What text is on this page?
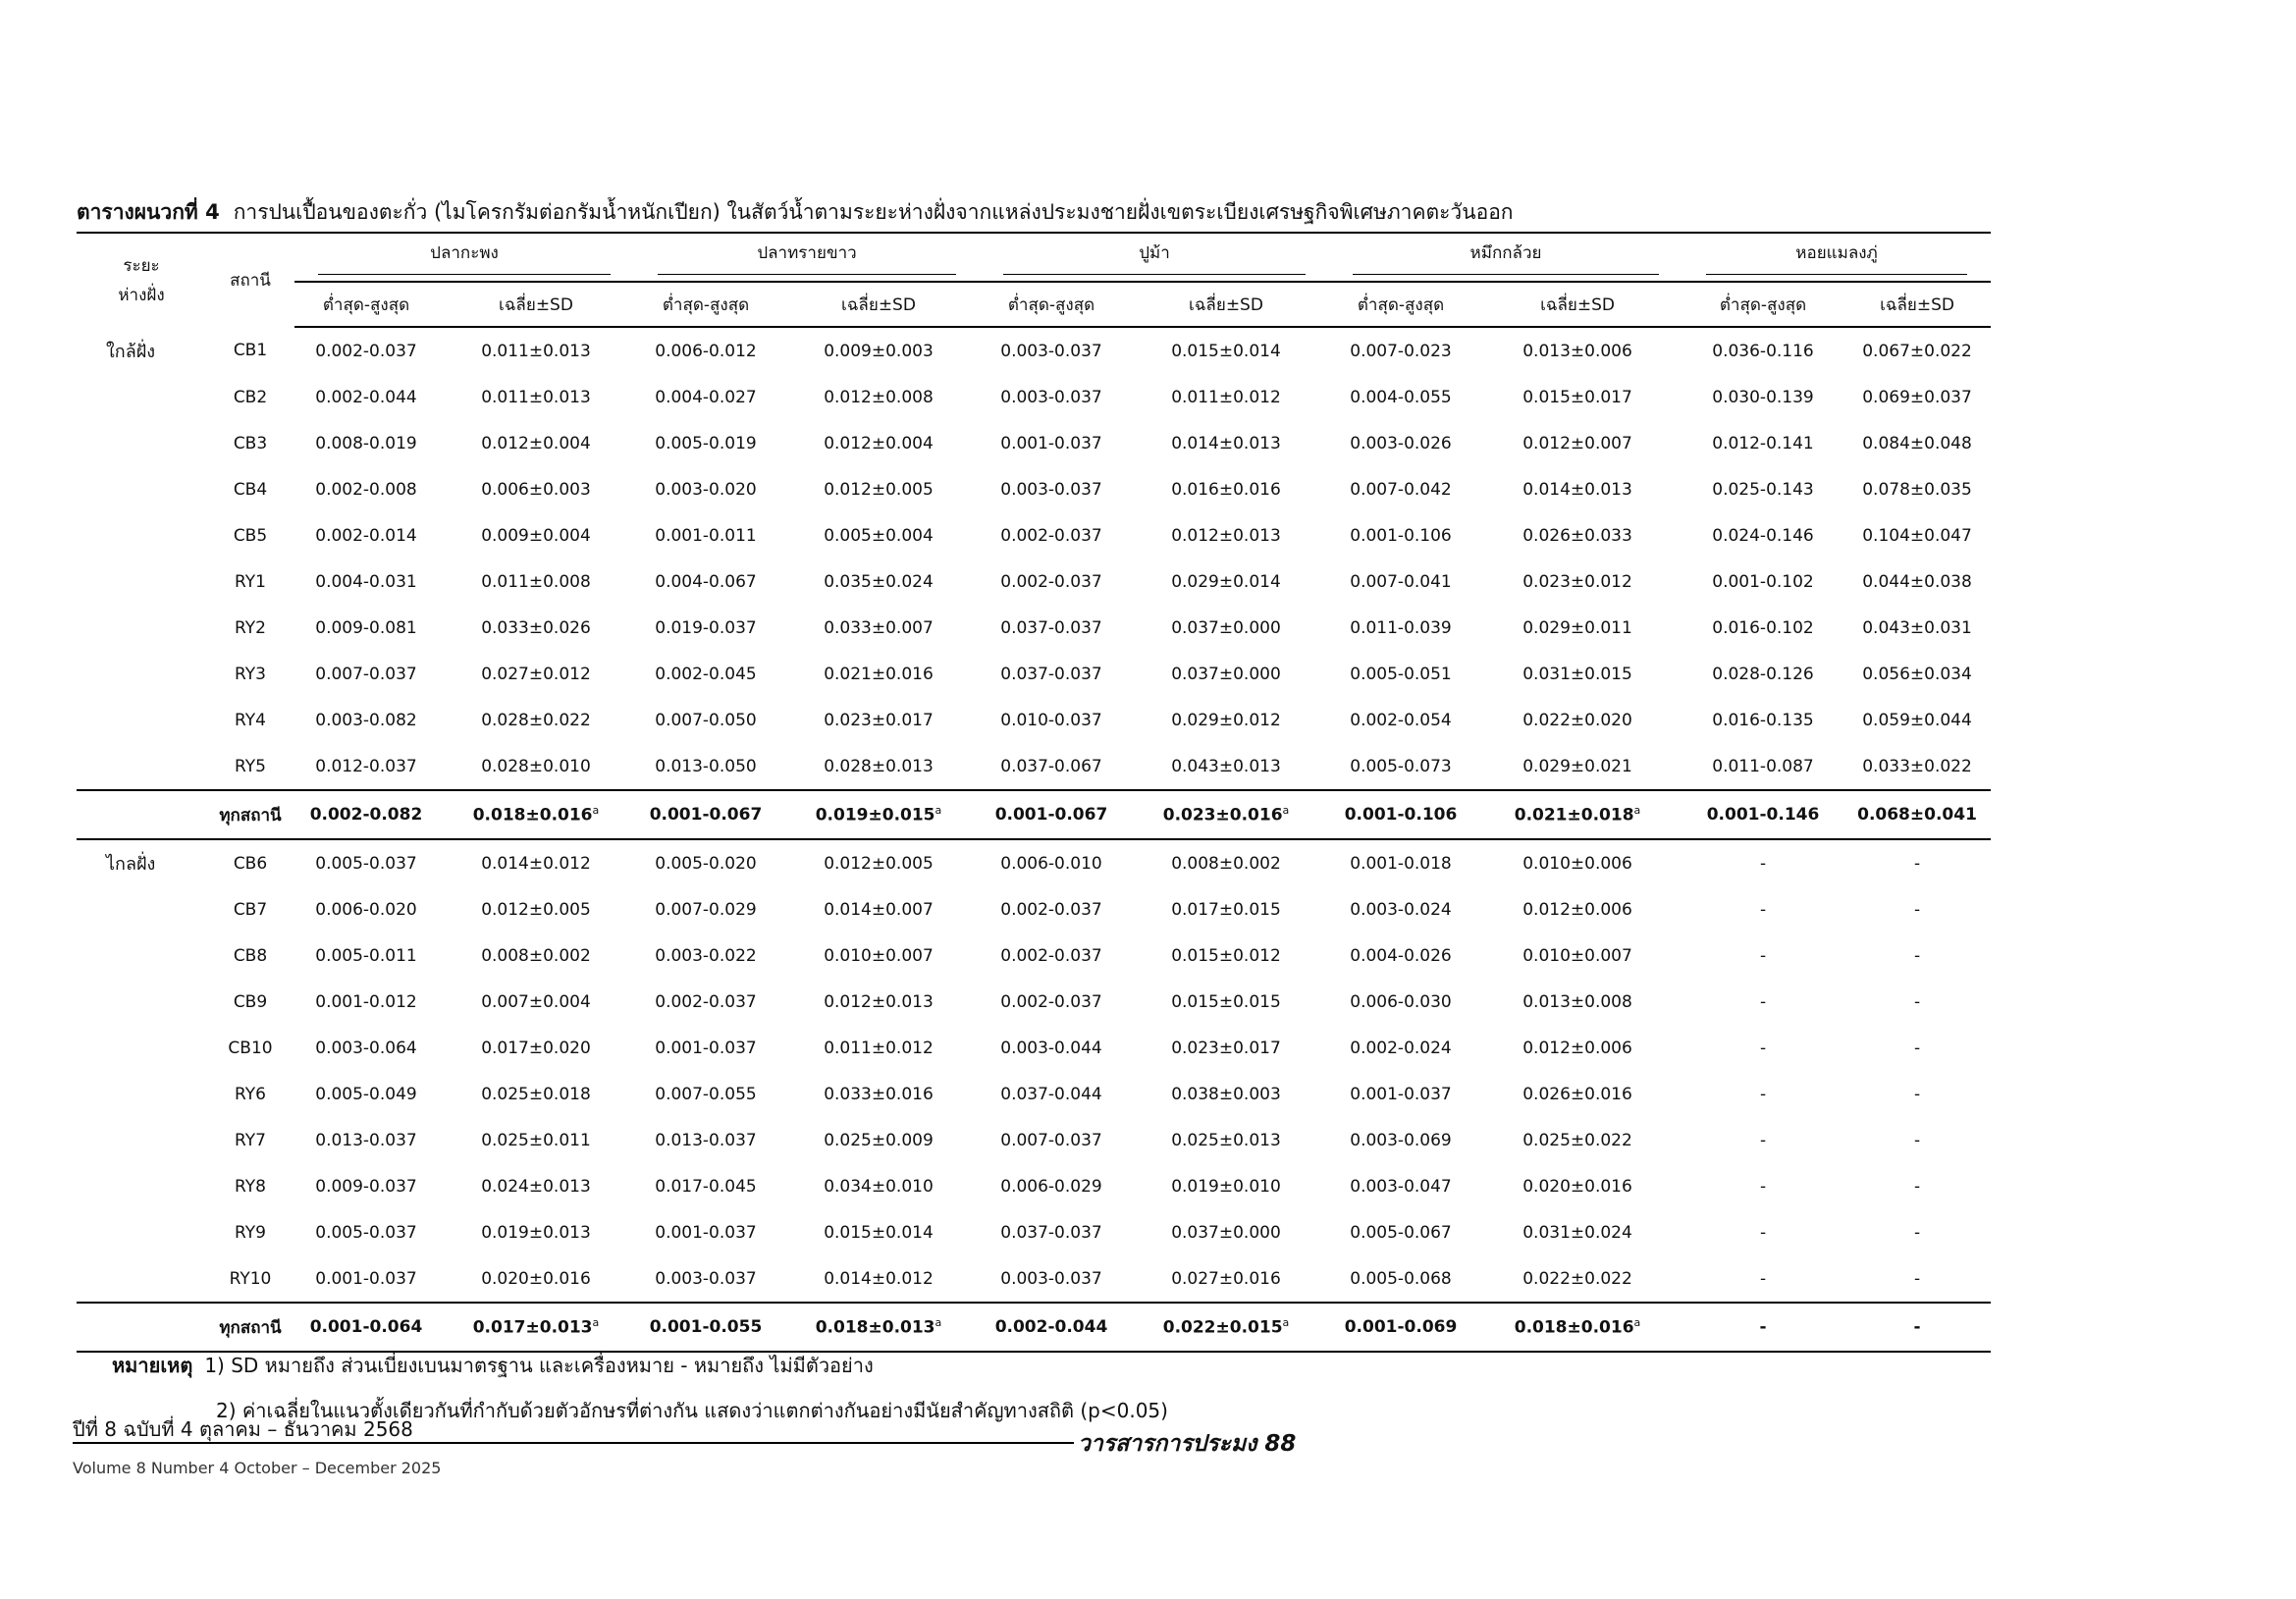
ตารางผนวกที่ 4 การปนเปื้อนของตะกั่ว (ไมโครกรัมต่อกรัมน้ำหนักเปียก) ในสัตว์น้ำตามระยะห่างฝั่งจากแหล่งประมงชายฝั่งเขตระเบียงเศรษฐกิจพิเศษภาคตะวันออก
ระยะ
ห่างฝั่ง	สถานี	ปลากะพง		ปลาทรายขาว		ปูม้า		หมึกกล้วย		หอยแมลงภู่	

		ต่ำสุด-สูงสุด	เฉลี่ย±SD	ต่ำสุด-สูงสุด	เฉลี่ย±SD	ต่ำสุด-สูงสุด	เฉลี่ย±SD	ต่ำสุด-สูงสุด	เฉลี่ย±SD	ต่ำสุด-สูงสุด	เฉลี่ย±SD
ใกล้ฝั่ง	CB1	0.002-0.037	0.011±0.013	0.006-0.012	0.009±0.003	0.003-0.037	0.015±0.014	0.007-0.023	0.013±0.006	0.036-0.116	0.067±0.022
	CB2	0.002-0.044	0.011±0.013	0.004-0.027	0.012±0.008	0.003-0.037	0.011±0.012	0.004-0.055	0.015±0.017	0.030-0.139	0.069±0.037
	CB3	0.008-0.019	0.012±0.004	0.005-0.019	0.012±0.004	0.001-0.037	0.014±0.013	0.003-0.026	0.012±0.007	0.012-0.141	0.084±0.048
	CB4	0.002-0.008	0.006±0.003	0.003-0.020	0.012±0.005	0.003-0.037	0.016±0.016	0.007-0.042	0.014±0.013	0.025-0.143	0.078±0.035
	CB5	0.002-0.014	0.009±0.004	0.001-0.011	0.005±0.004	0.002-0.037	0.012±0.013	0.001-0.106	0.026±0.033	0.024-0.146	0.104±0.047
	RY1	0.004-0.031	0.011±0.008	0.004-0.067	0.035±0.024	0.002-0.037	0.029±0.014	0.007-0.041	0.023±0.012	0.001-0.102	0.044±0.038
	RY2	0.009-0.081	0.033±0.026	0.019-0.037	0.033±0.007	0.037-0.037	0.037±0.000	0.011-0.039	0.029±0.011	0.016-0.102	0.043±0.031
	RY3	0.007-0.037	0.027±0.012	0.002-0.045	0.021±0.016	0.037-0.037	0.037±0.000	0.005-0.051	0.031±0.015	0.028-0.126	0.056±0.034
	RY4	0.003-0.082	0.028±0.022	0.007-0.050	0.023±0.017	0.010-0.037	0.029±0.012	0.002-0.054	0.022±0.020	0.016-0.135	0.059±0.044
	RY5	0.012-0.037	0.028±0.010	0.013-0.050	0.028±0.013	0.037-0.067	0.043±0.013	0.005-0.073	0.029±0.021	0.011-0.087	0.033±0.022
	ทุกสถานี	0.002-0.082	0.018±0.016$^a$	0.001-0.067	0.019±0.015$^a$	0.001-0.067	0.023±0.016$^a$	0.001-0.106	0.021±0.018$^a$	0.001-0.146	0.068±0.041
ไกลฝั่ง	CB6	0.005-0.037	0.014±0.012	0.005-0.020	0.012±0.005	0.006-0.010	0.008±0.002	0.001-0.018	0.010±0.006	-	-
	CB7	0.006-0.020	0.012±0.005	0.007-0.029	0.014±0.007	0.002-0.037	0.017±0.015	0.003-0.024	0.012±0.006	-	-
	CB8	0.005-0.011	0.008±0.002	0.003-0.022	0.010±0.007	0.002-0.037	0.015±0.012	0.004-0.026	0.010±0.007	-	-
	CB9	0.001-0.012	0.007±0.004	0.002-0.037	0.012±0.013	0.002-0.037	0.015±0.015	0.006-0.030	0.013±0.008	-	-
	CB10	0.003-0.064	0.017±0.020	0.001-0.037	0.011±0.012	0.003-0.044	0.023±0.017	0.002-0.024	0.012±0.006	-	-
	RY6	0.005-0.049	0.025±0.018	0.007-0.055	0.033±0.016	0.037-0.044	0.038±0.003	0.001-0.037	0.026±0.016	-	-
	RY7	0.013-0.037	0.025±0.011	0.013-0.037	0.025±0.009	0.007-0.037	0.025±0.013	0.003-0.069	0.025±0.022	-	-
	RY8	0.009-0.037	0.024±0.013	0.017-0.045	0.034±0.010	0.006-0.029	0.019±0.010	0.003-0.047	0.020±0.016	-	-
	RY9	0.005-0.037	0.019±0.013	0.001-0.037	0.015±0.014	0.037-0.037	0.037±0.000	0.005-0.067	0.031±0.024	-	-
	RY10	0.001-0.037	0.020±0.016	0.003-0.037	0.014±0.012	0.003-0.037	0.027±0.016	0.005-0.068	0.022±0.022	-	-
	ทุกสถานี	0.001-0.064	0.017±0.013$^a$	0.001-0.055	0.018±0.013$^a$	0.002-0.044	0.022±0.015$^a$	0.001-0.069	0.018±0.016$^a$	-	-
หมายเหตุ 1) SD หมายถึง ส่วนเบี่ยงเบนมาตรฐาน และเครื่องหมาย - หมายถึง ไม่มีตัวอย่าง
2) ค่าเฉลี่ยในแนวตั้งเดียวกันที่กำกับด้วยตัวอักษรที่ต่างกัน แสดงว่าแตกต่างกันอย่างมีนัยสำคัญทางสถิติ (p<0.05)
ปีที่ 8 ฉบับที่ 4 ตุลาคม – ธันวาคม 2568
วารสารการประมง 88
Volume 8 Number 4 October – December 2025
